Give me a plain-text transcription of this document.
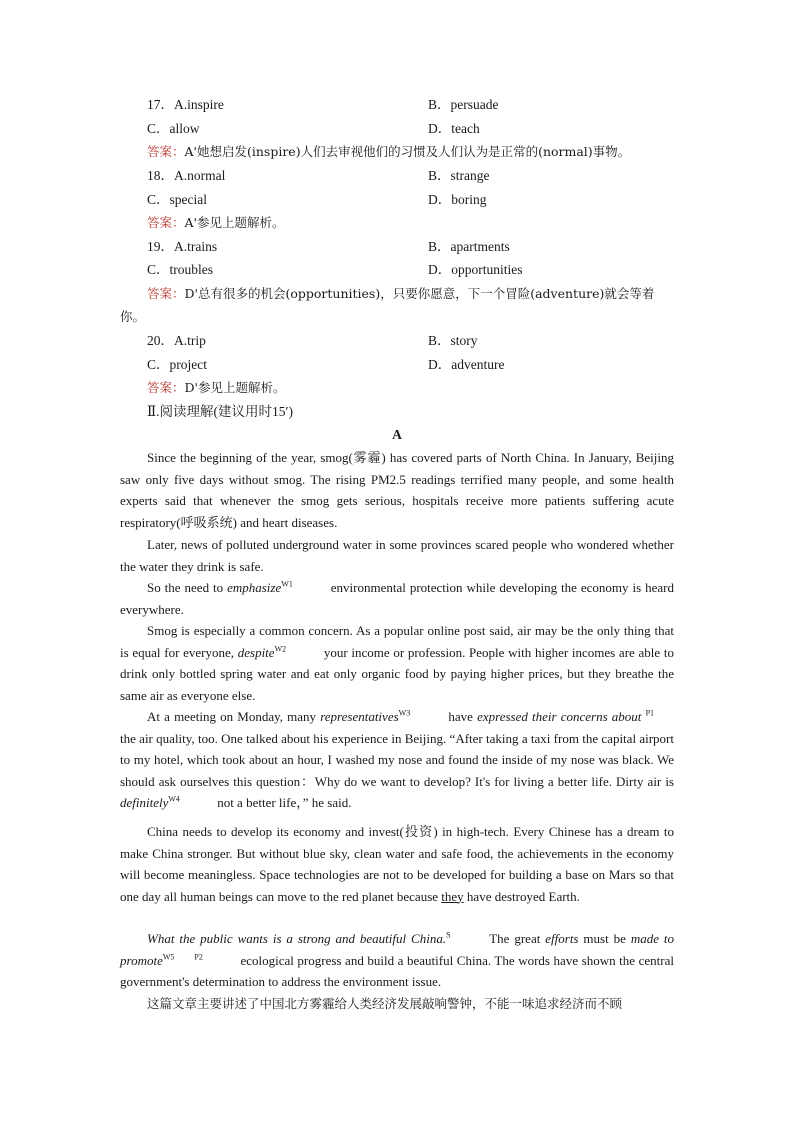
17．A.inspire	B．persuade
C．allow	D．teach
答案：A'她想启发(inspire)人们去审视他们的习惯及人们认为是正常的(normal)事物。
18．A.normal	B．strange
C．special	D．boring
答案：A'参见上题解析。
19．A.trains	B．apartments
C．troubles	D．opportunities
答案：D'总有很多的机会(opportunities)，只要你愿意，下一个冒险(adventure)就会等着
你。
20．A.trip	B．story
C．project	D．adventure
答案：D'参见上题解析。
Ⅱ.阅读理解(建议用时15′)
A
Since the beginning of the year, smog(雾霾) has covered parts of North China. In January, Beijing saw only five days without smog. The rising PM2.5 readings terrified many people, and some health experts said that whenever the smog gets serious, hospitals receive more patients suffering acute respiratory(呼吸系统) and heart diseases.
Later, news of polluted underground water in some provinces scared people who wondered whether the water they drink is safe.
So the need to emphasize$^{W1}$	environmental protection while developing the economy is heard everywhere.
Smog is especially a common concern. As a popular online post said, air may be the only thing that is equal for everyone, despite$^{W2}$	your income or profession. People with higher incomes are able to drink only bottled spring water and eat only organic food by paying higher prices, but they breathe the same air as everyone else.
At a meeting on Monday, many representatives$^{W3}$	have expressed their concerns about $^{P1}$ the air quality, too. One talked about his experience in Beijing. “After taking a taxi from the capital airport to my hotel, which took about an hour, I washed my nose and found the inside of my nose was black. We should ask ourselves this question：Why do we want to develop? It's for living a better life. Dirty air is definitely$^{W4}$	not a better life，” he said.
China needs to develop its economy and invest(投资) in high-tech. Every Chinese has a dream to make China stronger. But without blue sky, clean water and safe food, the achievements in the economy will become meaningless. Space technologies are not to be developed for building a base on Mars so that one day all human beings can move to the red planet because they have destroyed Earth.
What the public wants is a strong and beautiful China.$^S$	The great efforts must be made to promote$^{W5}$	$^{P2}$	ecological progress and build a beautiful China. The words have shown the central government's determination to address the environment issue.
这篇文章主要讲述了中国北方雾霾给人类经济发展敲响警钟，不能一味追求经济而不顾
